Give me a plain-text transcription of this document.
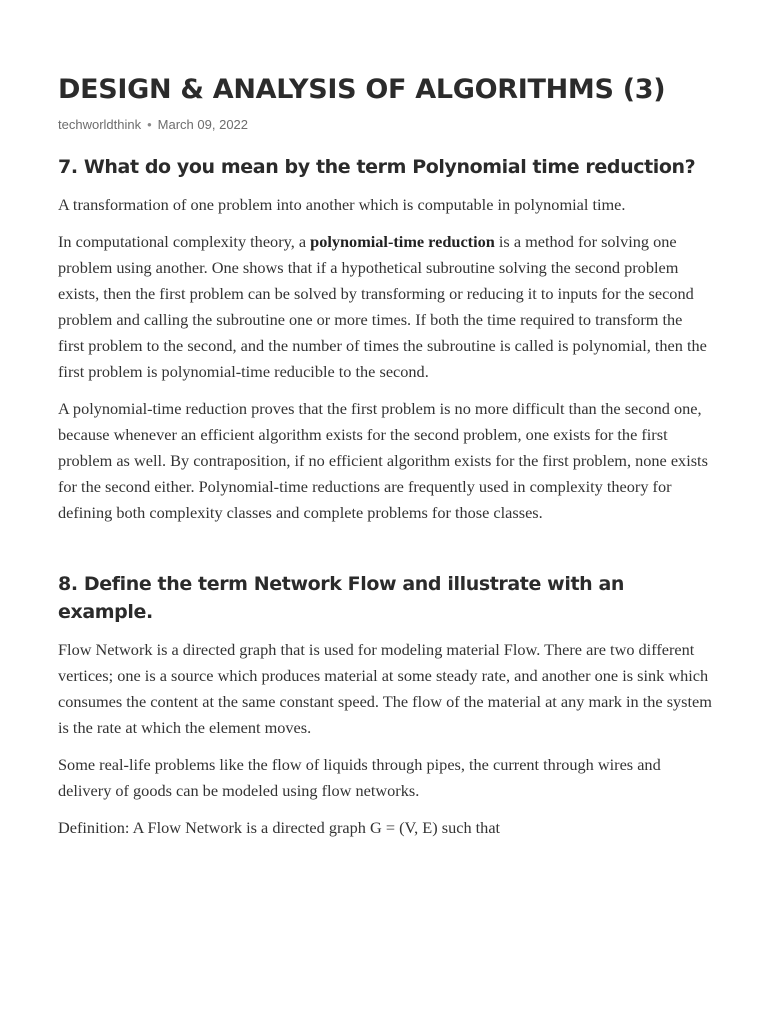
DESIGN & ANALYSIS OF ALGORITHMS (3)
techworldthink • March 09, 2022
7. What do you mean by the term Polynomial time reduction?

A transformation of one problem into another which is computable in polynomial time.

In computational complexity theory, a polynomial-time reduction is a method for solving one problem using another. One shows that if a hypothetical subroutine solving the second problem exists, then the first problem can be solved by transforming or reducing it to inputs for the second problem and calling the subroutine one or more times. If both the time required to transform the first problem to the second, and the number of times the subroutine is called is polynomial, then the first problem is polynomial-time reducible to the second.

A polynomial-time reduction proves that the first problem is no more difficult than the second one, because whenever an efficient algorithm exists for the second problem, one exists for the first problem as well. By contraposition, if no efficient algorithm exists for the first problem, none exists for the second either. Polynomial-time reductions are frequently used in complexity theory for defining both complexity classes and complete problems for those classes.

8. Define the term Network Flow and illustrate with an example.

Flow Network is a directed graph that is used for modeling material Flow. There are two different vertices; one is a source which produces material at some steady rate, and another one is sink which consumes the content at the same constant speed. The flow of the material at any mark in the system is the rate at which the element moves.

Some real-life problems like the flow of liquids through pipes, the current through wires and delivery of goods can be modeled using flow networks.

Definition: A Flow Network is a directed graph G = (V, E) such that
